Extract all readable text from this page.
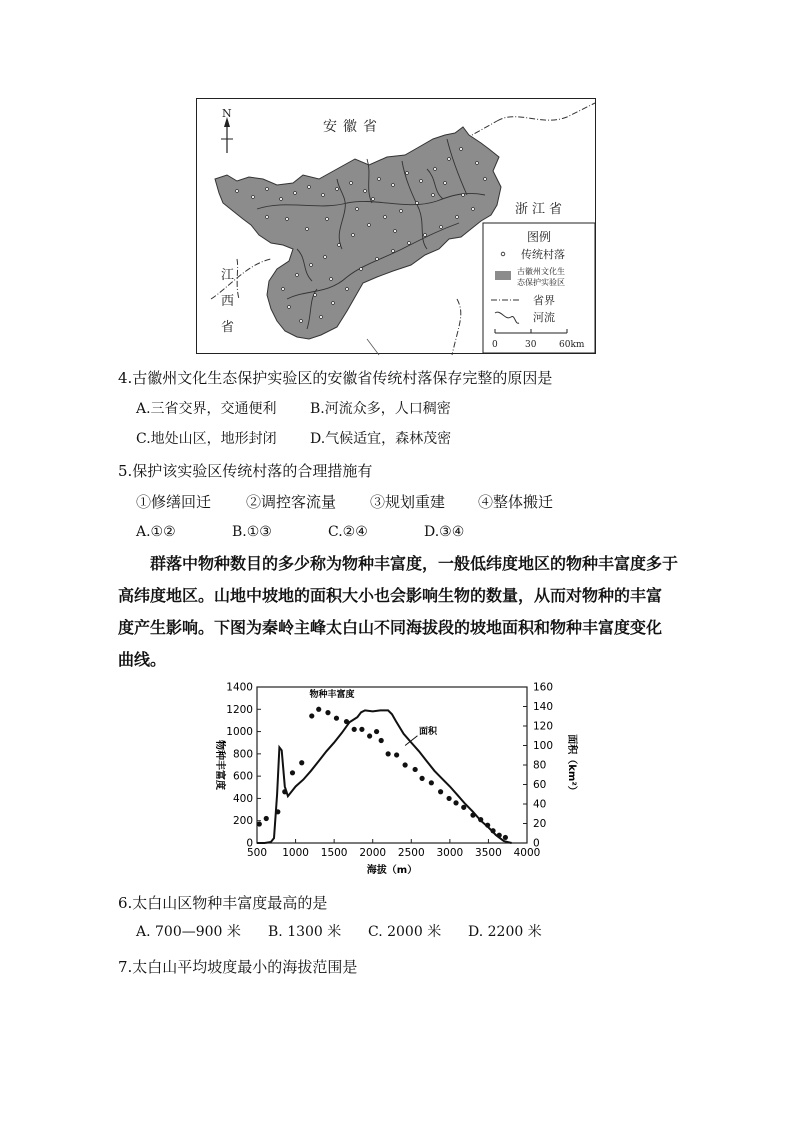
N
安徽省
浙江省
江
西
省
图例
传统村落
古徽州文化生
态保护实验区
省界
河流
0	30	60km
4.古徽州文化生态保护实验区的安徽省传统村落保存完整的原因是
A.三省交界，交通便利 B.河流众多，人口稠密
C.地处山区，地形封闭 D.气候适宜，森林茂密
5.保护该实验区传统村落的合理措施有
①修缮回迁 ②调控客流量 ③规划重建 ④整体搬迁
A.①②	B.①③	C.②④	D.③④
群落中物种数目的多少称为物种丰富度，一般低纬度地区的物种丰富度多于
高纬度地区。山地中坡地的面积大小也会影响生物的数量，从而对物种的丰富
度产生影响。下图为秦岭主峰太白山不同海拔段的坡地面积和物种丰富度变化
曲线。
0
200
400
600
800
1000
1200
1400
0
20
40
60
80
100
120
140
160
500 1000 1500 2000 2500 3000 3500 4000
物种丰富度	面积（km²）
海拔（m）
物种丰富度
面积
6.太白山区物种丰富度最高的是
A. 700—900 米 B. 1300 米 C. 2000 米 D. 2200 米
7.太白山平均坡度最小的海拔范围是
